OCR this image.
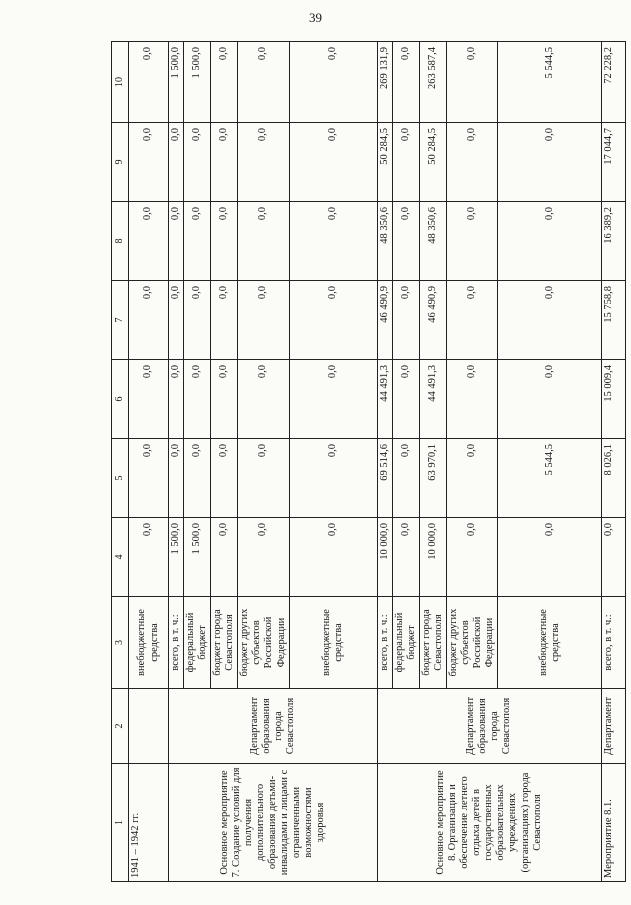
39
1	2	3	4	5	6	7	8	9	10
1941 – 1942 гг.		внебюджетные средства	0,0	0,0	0,0	0,0	0,0	0,0	0,0
Основное мероприятие 7. Создание условий для получения дополнительного образования детьми-инвалидами и лицами с ограниченными возможностями здоровья	Департамент образования города Севастополя	всего, в т. ч.:	1 500,0	0,0	0,0	0,0	0,0	0,0	1 500,0
		федеральный бюджет	1 500,0	0,0	0,0	0,0	0,0	0,0	1 500,0
		бюджет города Севастополя	0,0	0,0	0,0	0,0	0,0	0,0	0,0
		бюджет других субъектов Российской Федерации	0,0	0,0	0,0	0,0	0,0	0,0	0,0
		внебюджетные средства	0,0	0,0	0,0	0,0	0,0	0,0	0,0
Основное мероприятие 8. Организация и обеспечение летнего отдыха детей в государственных образовательных учреждениях (организациях) города Севастополя	Департамент образования города Севастополя	всего, в т. ч.:	10 000,0	69 514,6	44 491,3	46 490,9	48 350,6	50 284,5	269 131,9
		федеральный бюджет	0,0	0,0	0,0	0,0	0,0	0,0	0,0
		бюджет города Севастополя	10 000,0	63 970,1	44 491,3	46 490,9	48 350,6	50 284,5	263 587,4
		бюджет других субъектов Российской Федерации	0,0	0,0	0,0	0,0	0,0	0,0	0,0
		внебюджетные средства	0,0	5 544,5	0,0	0,0	0,0	0,0	5 544,5
Мероприятие 8.1.	Департамент	всего, в т. ч.:	0,0	8 026,1	15 009,4	15 758,8	16 389,2	17 044,7	72 228,2
